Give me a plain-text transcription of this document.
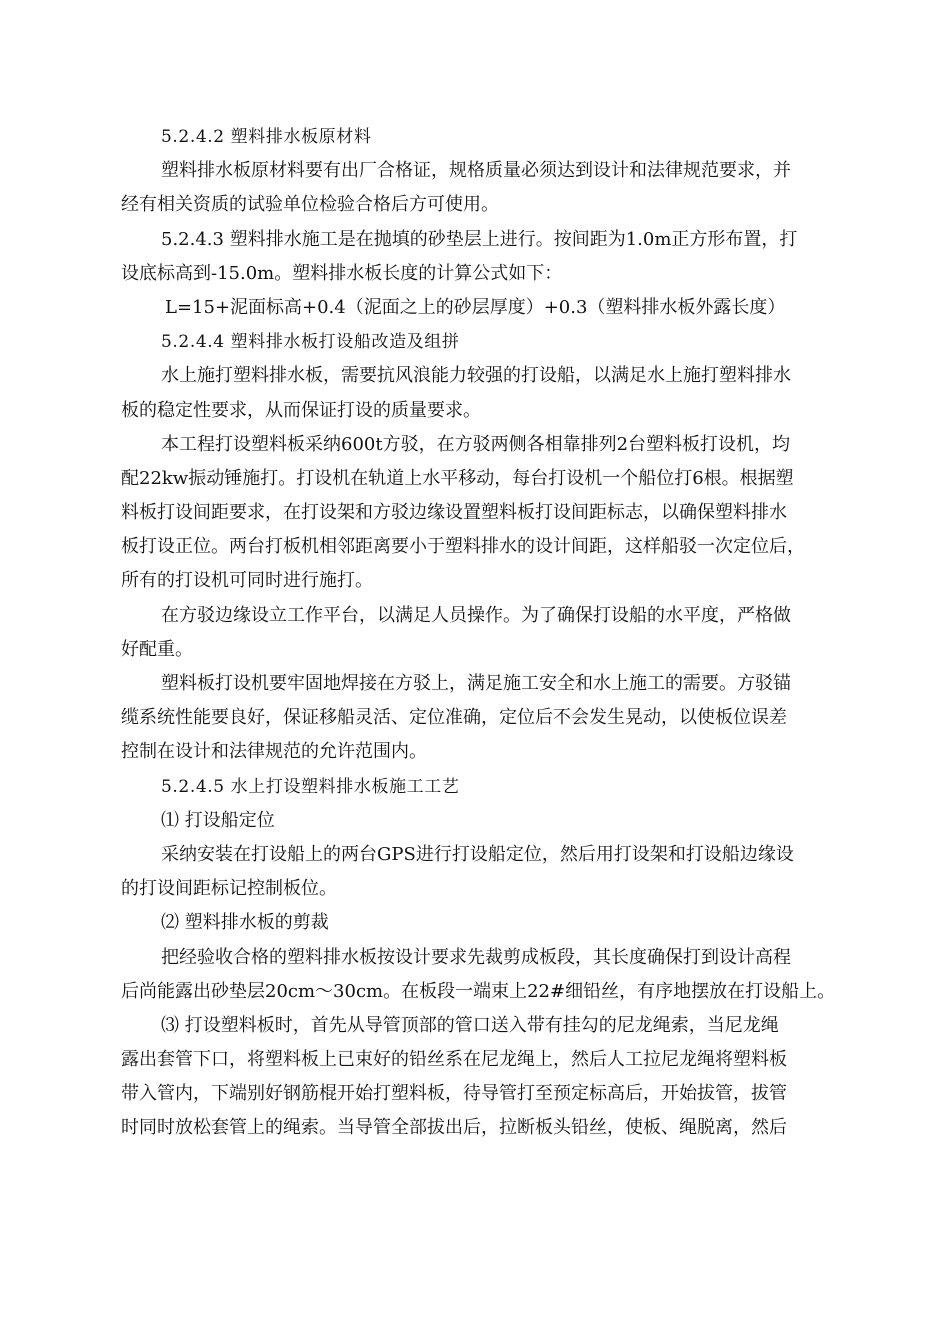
5.2.4.2 塑料排水板原材料
塑料排水板原材料要有出厂合格证，规格质量必须达到设计和法律规范要求，并
经有相关资质的试验单位检验合格后方可使用。
5.2.4.3 塑料排水施工是在抛填的砂垫层上进行。按间距为1.0m正方形布置，打
设底标高到-15.0m。塑料排水板长度的计算公式如下：
L=15+泥面标高+0.4（泥面之上的砂层厚度）+0.3（塑料排水板外露长度）
5.2.4.4 塑料排水板打设船改造及组拼
水上施打塑料排水板，需要抗风浪能力较强的打设船，以满足水上施打塑料排水
板的稳定性要求，从而保证打设的质量要求。
本工程打设塑料板采纳600t方驳，在方驳两侧各相靠排列2台塑料板打设机，均
配22kw振动锤施打。打设机在轨道上水平移动，每台打设机一个船位打6根。根据塑
料板打设间距要求，在打设架和方驳边缘设置塑料板打设间距标志，以确保塑料排水
板打设正位。两台打板机相邻距离要小于塑料排水的设计间距，这样船驳一次定位后，
所有的打设机可同时进行施打。
在方驳边缘设立工作平台，以满足人员操作。为了确保打设船的水平度，严格做
好配重。
塑料板打设机要牢固地焊接在方驳上，满足施工安全和水上施工的需要。方驳锚
缆系统性能要良好，保证移船灵活、定位准确，定位后不会发生晃动，以使板位误差
控制在设计和法律规范的允许范围内。
5.2.4.5 水上打设塑料排水板施工工艺
⑴ 打设船定位
采纳安装在打设船上的两台GPS进行打设船定位，然后用打设架和打设船边缘设
的打设间距标记控制板位。
⑵ 塑料排水板的剪裁
把经验收合格的塑料排水板按设计要求先裁剪成板段，其长度确保打到设计高程
后尚能露出砂垫层20cm～30cm。在板段一端束上22#细铅丝，有序地摆放在打设船上。
⑶ 打设塑料板时，首先从导管顶部的管口送入带有挂勾的尼龙绳索，当尼龙绳
露出套管下口，将塑料板上已束好的铅丝系在尼龙绳上，然后人工拉尼龙绳将塑料板
带入管内，下端别好钢筋棍开始打塑料板，待导管打至预定标高后，开始拔管，拔管
时同时放松套管上的绳索。当导管全部拔出后，拉断板头铅丝，使板、绳脱离，然后
